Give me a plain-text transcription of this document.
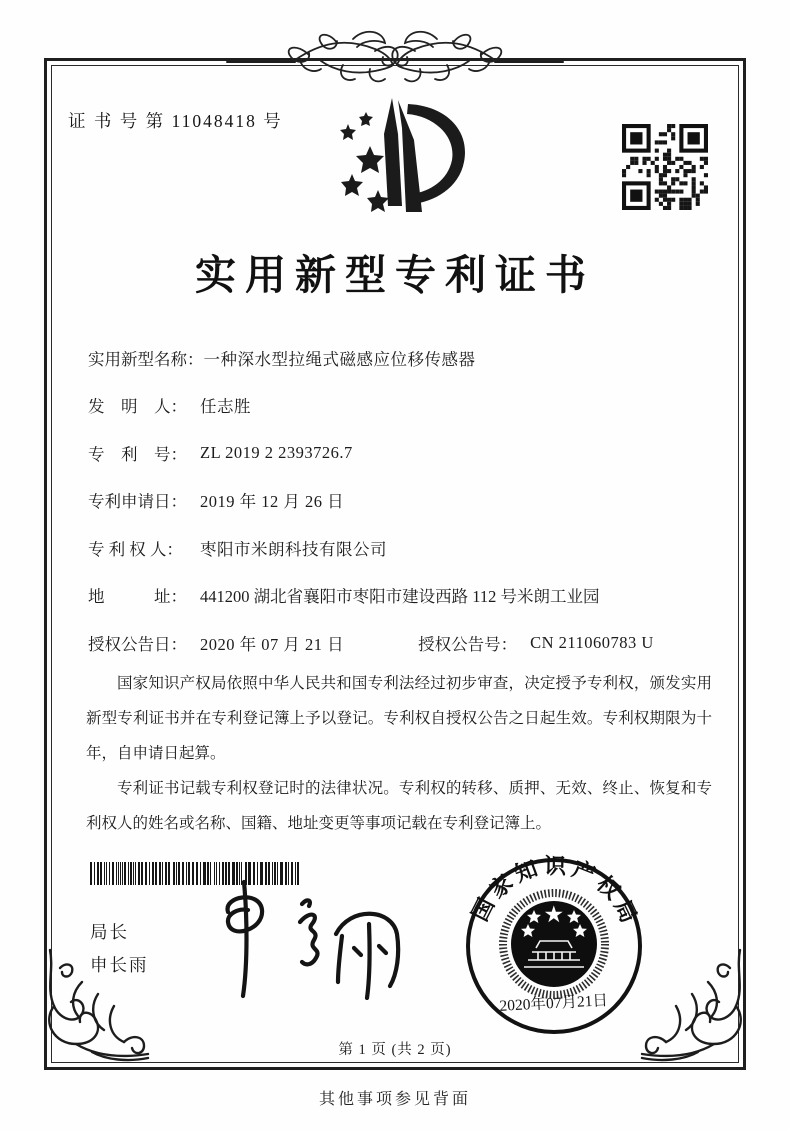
证 书 号 第 11048418 号
实用新型专利证书
实用新型名称： 一种深水型拉绳式磁感应位移传感器
发　明　人： 任志胜
专　利　号： ZL 2019 2 2393726.7
专利申请日： 2019 年 12 月 26 日
专 利 权 人：	枣阳市米朗科技有限公司
地　　　址： 441200 湖北省襄阳市枣阳市建设西路 112 号米朗工业园
授权公告日： 2020 年 07 月 21 日	授权公告号： CN 211060783 U

国家知识产权局依照中华人民共和国专利法经过初步审查，决定授予专利权，颁发实用新型专利证书并在专利登记簿上予以登记。专利权自授权公告之日起生效。专利权期限为十年，自申请日起算。

专利证书记载专利权登记时的法律状况。专利权的转移、质押、无效、终止、恢复和专利权人的姓名或名称、国籍、地址变更等事项记载在专利登记簿上。

局长
申长雨
国家知识产权局
2020年07月21日
第 1 页 (共 2 页)
其他事项参见背面
